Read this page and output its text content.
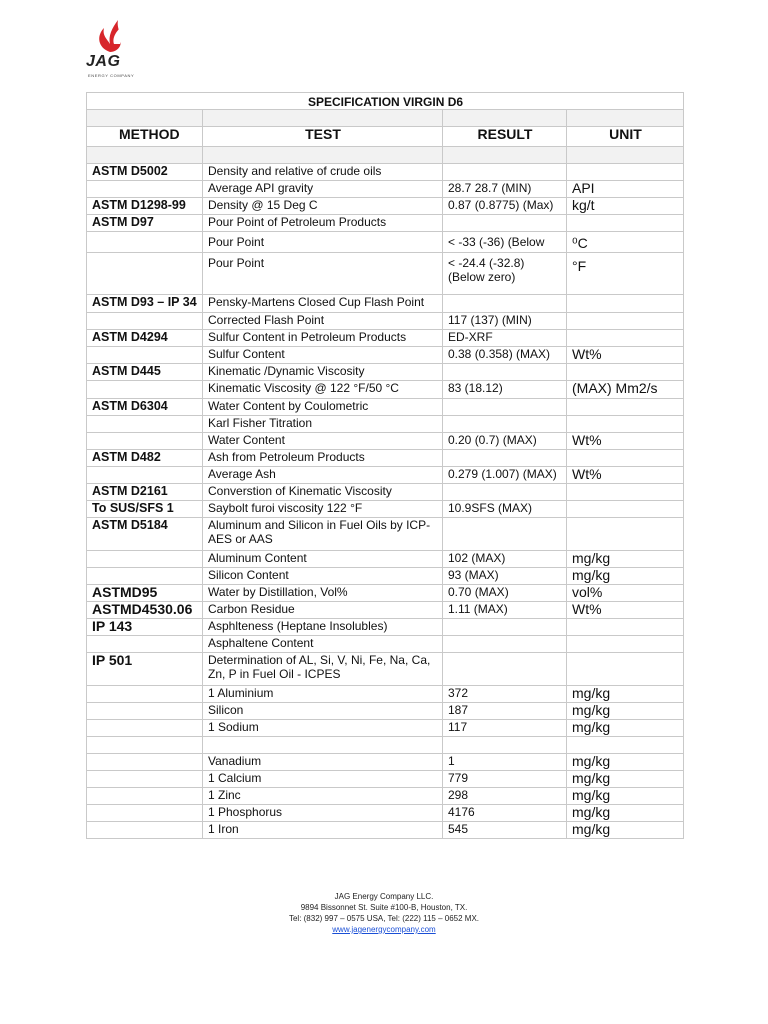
JAG
ENERGY COMPANY
SPECIFICATION VIRGIN D6			

METHOD	TEST	RESULT	UNIT

ASTM D5002	Density and relative of crude oils		
	Average API gravity	28.7 28.7 (MIN)	API
ASTM D1298-99	Density @ 15 Deg C	0.87 (0.8775) (Max)	kg/t
ASTM D97	Pour Point of Petroleum Products		
	Pour Point	< -33 (-36) (Below	⁰C
	Pour Point	< -24.4 (-32.8) (Below zero)	°F
ASTM D93 – IP 34	Pensky-Martens Closed Cup Flash Point		
	Corrected Flash Point	117 (137) (MIN)	
ASTM D4294	Sulfur Content in Petroleum Products	ED-XRF	
	Sulfur Content	0.38 (0.358) (MAX)	Wt%
ASTM D445	Kinematic /Dynamic Viscosity		
	Kinematic Viscosity @ 122 °F/50 °C	83 (18.12)	(MAX) Mm2/s
ASTM D6304	Water Content by Coulometric		
	Karl Fisher Titration		
	Water Content	0.20 (0.7) (MAX)	Wt%
ASTM D482	Ash from Petroleum Products		
	Average Ash	0.279 (1.007) (MAX)	Wt%
ASTM D2161	Converstion of Kinematic Viscosity		
To SUS/SFS 1	Saybolt furoi viscosity 122 °F	10.9SFS (MAX)	
ASTM D5184	Aluminum and Silicon in Fuel Oils by ICP-AES or AAS		
	Aluminum Content	102 (MAX)	mg/kg
	Silicon Content	93 (MAX)	mg/kg
ASTMD95	Water by Distillation, Vol%	0.70 (MAX)	vol%
ASTMD4530.06	Carbon Residue	1.11 (MAX)	Wt%
IP 143	Asphlteness (Heptane Insolubles)		
	Asphaltene Content		
IP 501	Determination of AL, Si, V, Ni, Fe, Na, Ca, Zn, P in Fuel Oil - ICPES		
	1 Aluminium	372	mg/kg
	Silicon	187	mg/kg
	1 Sodium	117	mg/kg

	Vanadium	1	mg/kg
	1 Calcium	779	mg/kg
	1 Zinc	298	mg/kg
	1 Phosphorus	4176	mg/kg
	1 Iron	545	mg/kg
JAG Energy Company LLC.
9894 Bissonnet St. Suite #100-B, Houston, TX.
Tel: (832) 997 – 0575 USA, Tel: (222) 115 – 0652 MX.
www.jagenergycompany.com
